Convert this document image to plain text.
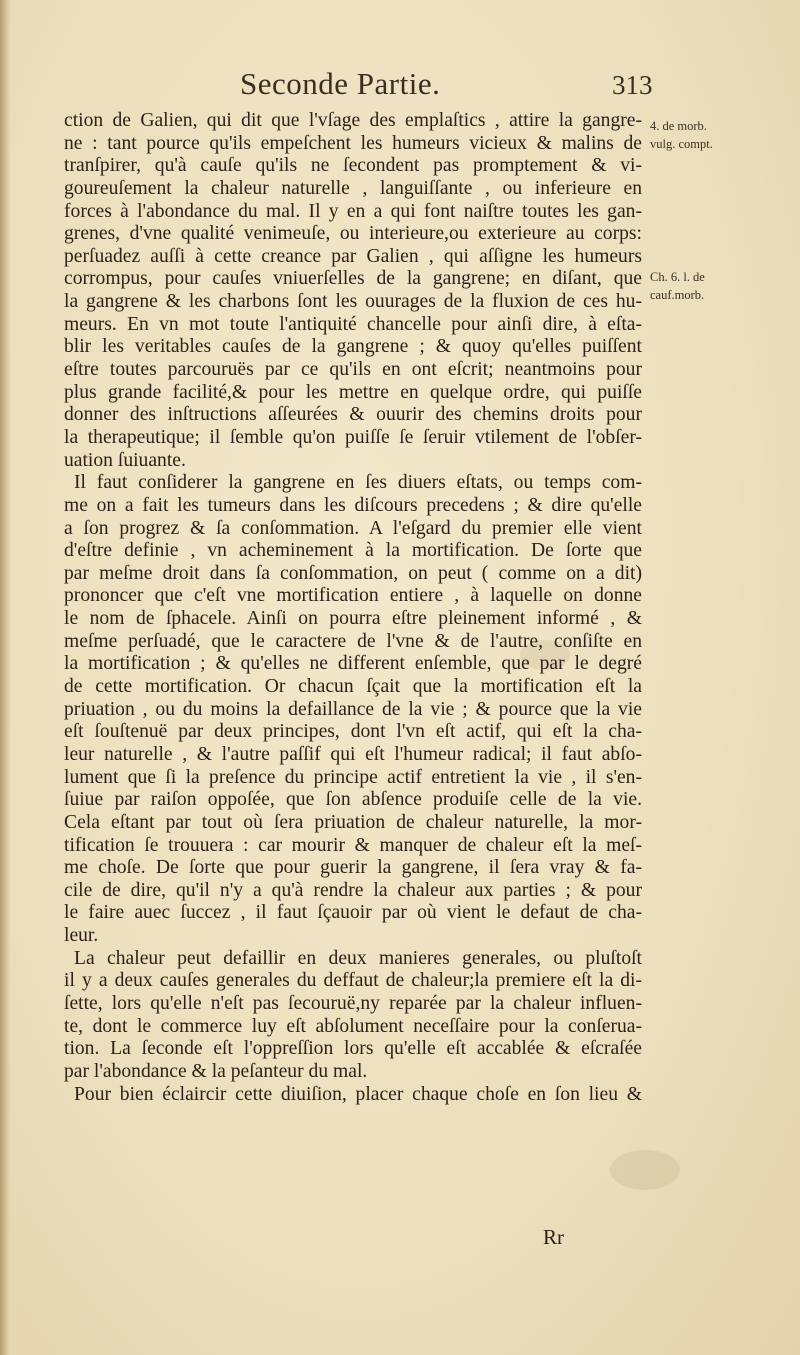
Seconde Partie.	313
4. de morb.
vulg. compt.
Ch. 6. l. de
cauf.morb.
ction de Galien, qui dit que l'vſage des emplaſtics , attire la gangre-
ne : tant pource qu'ils empeſchent les humeurs vicieux & malins de
tranſpirer, qu'à cauſe qu'ils ne ſecondent pas promptement & vi-
goureuſement la chaleur naturelle , languiſſante , ou inferieure en
forces à l'abondance du mal. Il y en a qui font naiſtre toutes les gan-
grenes, d'vne qualité venimeuſe, ou interieure,ou exterieure au corps:
perſuadez auſſi à cette creance par Galien , qui aſſigne les humeurs
corrompus, pour cauſes vniuerſelles de la gangrene; en diſant, que
la gangrene & les charbons ſont les ouurages de la fluxion de ces hu-
meurs. En vn mot toute l'antiquité chancelle pour ainſi dire, à eſta-
blir les veritables cauſes de la gangrene ; & quoy qu'elles puiſſent
eſtre toutes parcouruës par ce qu'ils en ont eſcrit; neantmoins pour
plus grande facilité,& pour les mettre en quelque ordre, qui puiſſe
donner des inſtructions aſſeurées & ouurir des chemins droits pour
la therapeutique; il ſemble qu'on puiſſe ſe ſeruir vtilement de l'obſer-
uation ſuiuante.
Il faut conſiderer la gangrene en ſes diuers eſtats, ou temps com-
me on a fait les tumeurs dans les diſcours precedens ; & dire qu'elle
a ſon progrez & ſa conſommation. A l'eſgard du premier elle vient
d'eſtre definie , vn acheminement à la mortification. De ſorte que
par meſme droit dans ſa conſommation, on peut ( comme on a dit)
prononcer que c'eſt vne mortification entiere , à laquelle on donne
le nom de ſphacele. Ainſi on pourra eſtre pleinement informé , &
meſme perſuadé, que le caractere de l'vne & de l'autre, conſiſte en
la mortification ; & qu'elles ne different enſemble, que par le degré
de cette mortification. Or chacun ſçait que la mortification eſt la
priuation , ou du moins la defaillance de la vie ; & pource que la vie
eſt ſouſtenuë par deux principes, dont l'vn eſt actif, qui eſt la cha-
leur naturelle , & l'autre paſſif qui eſt l'humeur radical; il faut abſo-
lument que ſi la preſence du principe actif entretient la vie , il s'en-
ſuiue par raiſon oppoſée, que ſon abſence produiſe celle de la vie.
Cela eſtant par tout où ſera priuation de chaleur naturelle, la mor-
tification ſe trouuera : car mourir & manquer de chaleur eſt la meſ-
me choſe. De ſorte que pour guerir la gangrene, il ſera vray & fa-
cile de dire, qu'il n'y a qu'à rendre la chaleur aux parties ; & pour
le faire auec ſuccez , il faut ſçauoir par où vient le defaut de cha-
leur.
La chaleur peut defaillir en deux manieres generales, ou pluſtoſt
il y a deux cauſes generales du deffaut de chaleur;la premiere eſt la di-
ſette, lors qu'elle n'eſt pas ſecouruë,ny reparée par la chaleur influen-
te, dont le commerce luy eſt abſolument neceſſaire pour la conſerua-
tion. La ſeconde eſt l'oppreſſion lors qu'elle eſt accablée & eſcraſée
par l'abondance & la peſanteur du mal.
Pour bien éclaircir cette diuiſion, placer chaque choſe en ſon lieu &
Rr
